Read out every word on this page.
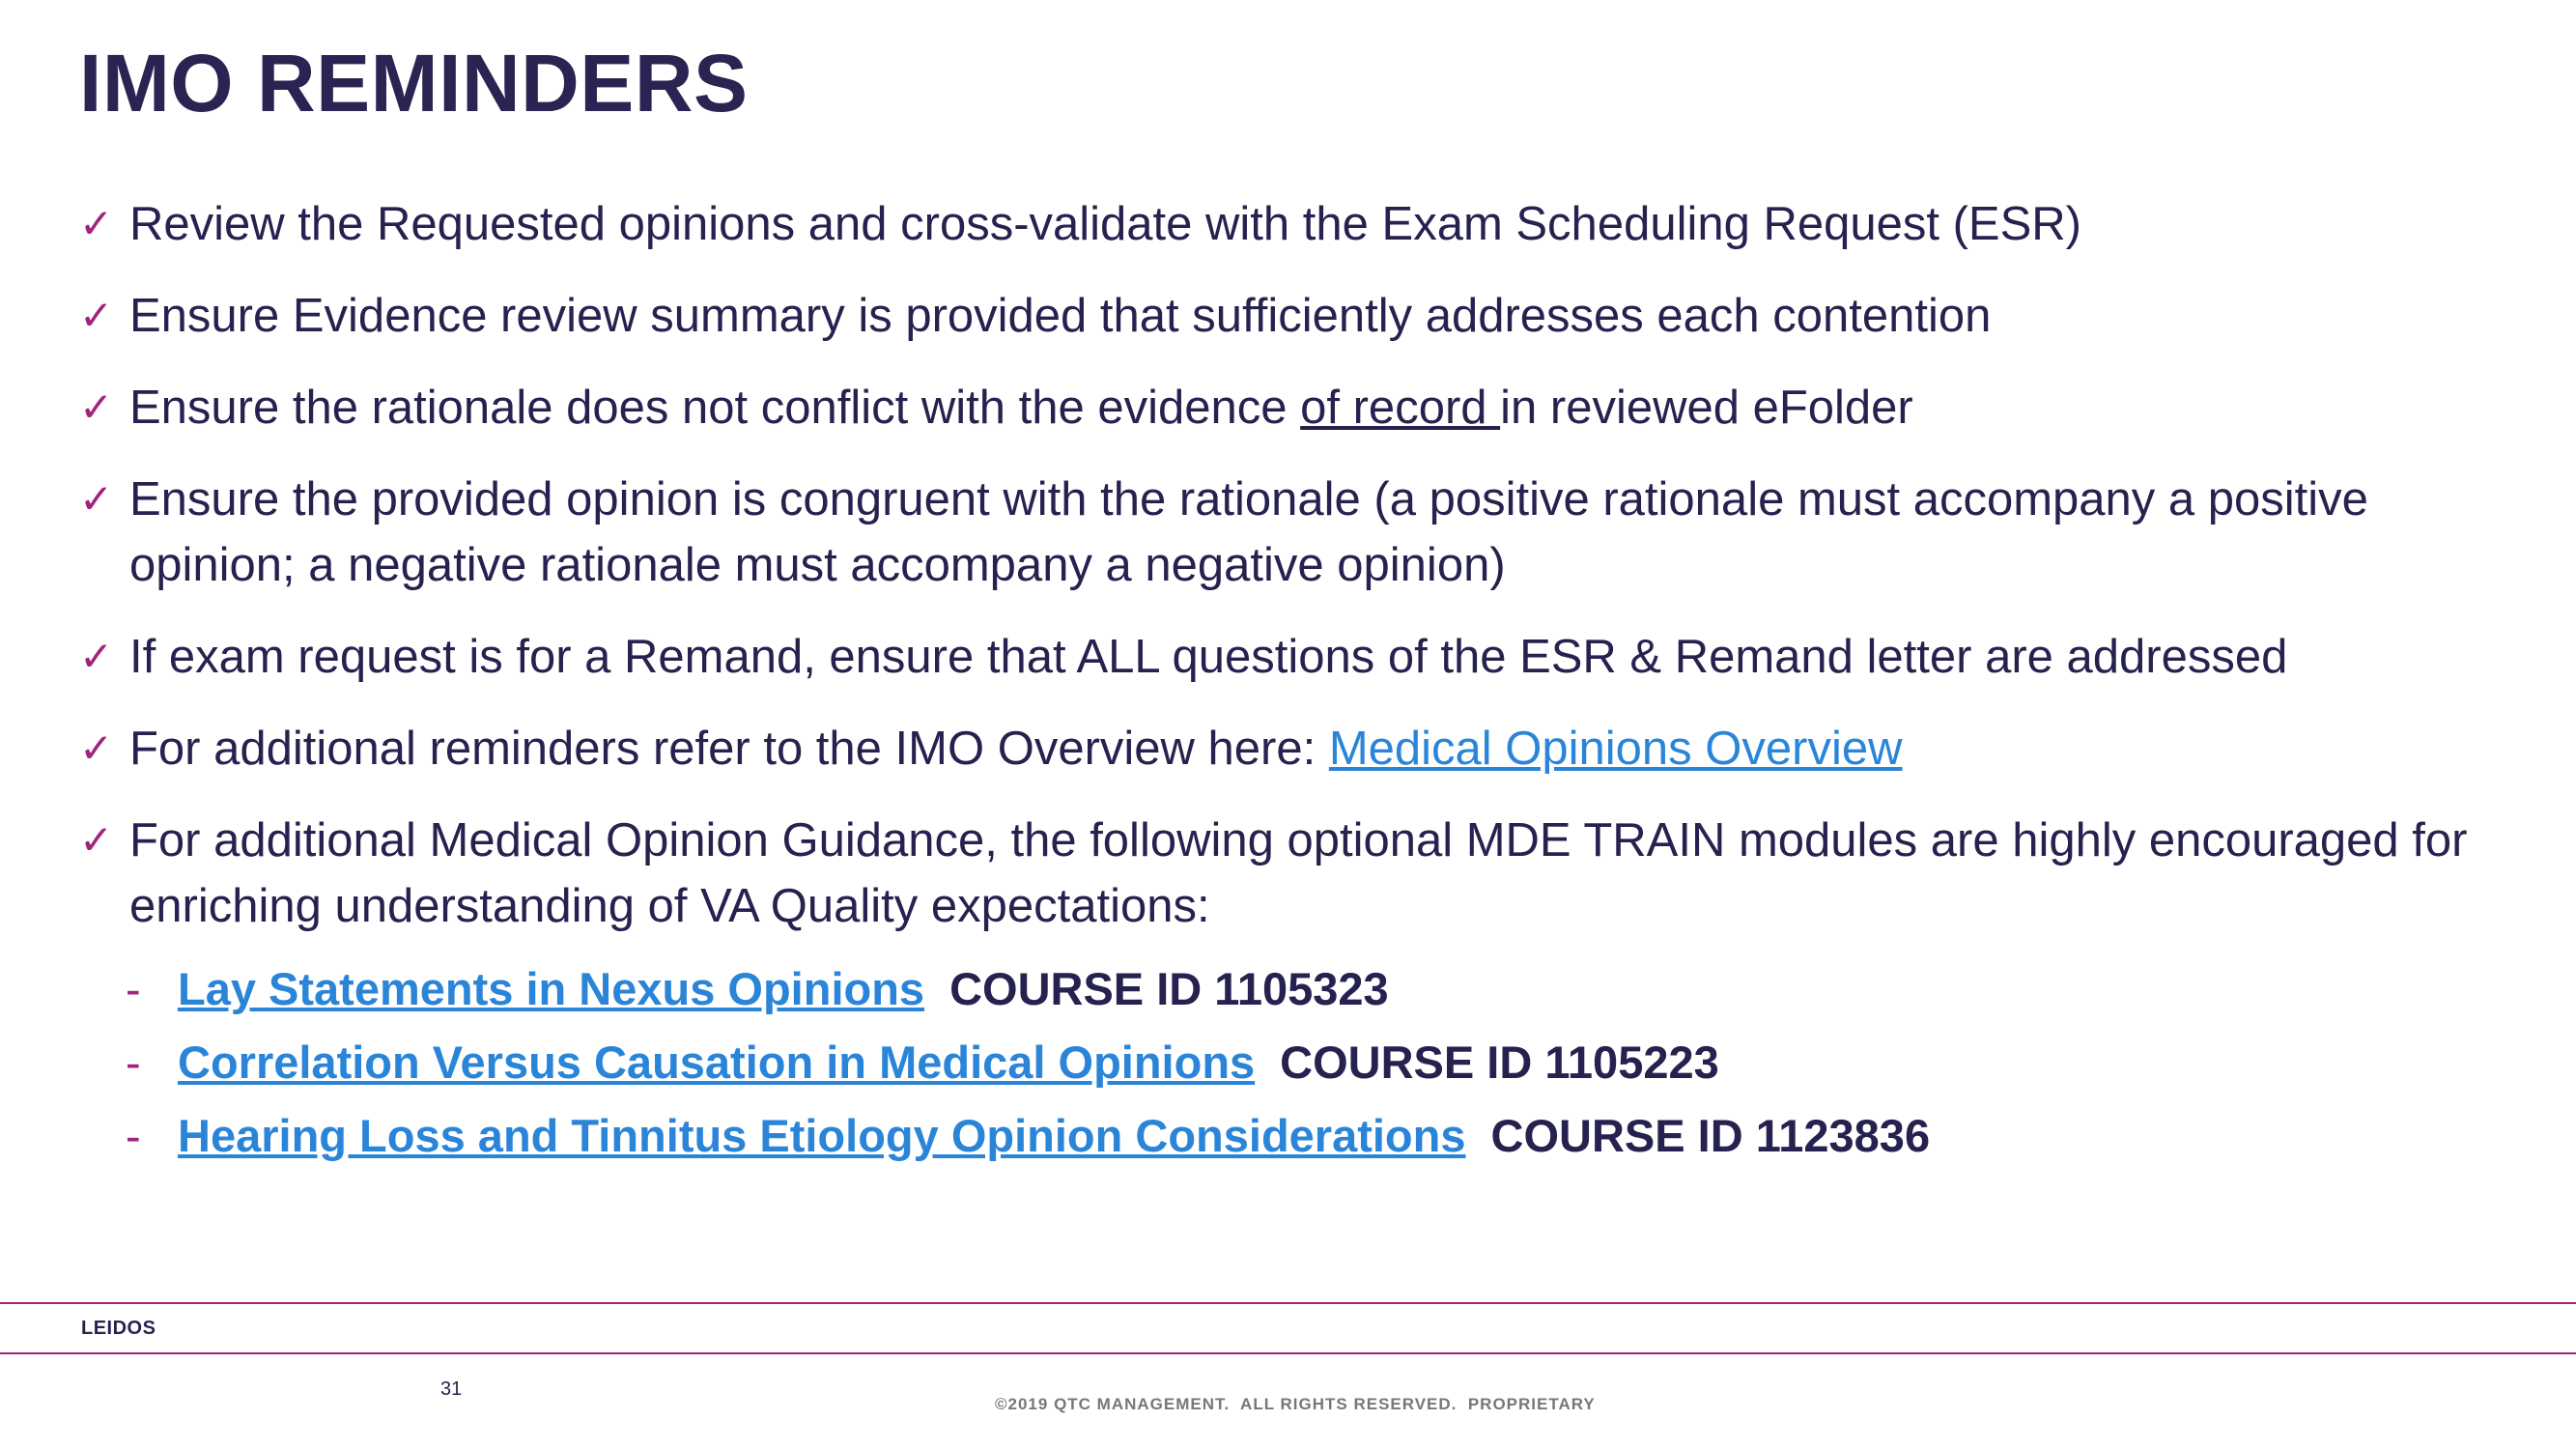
IMO REMINDERS
✓ Review the Requested opinions and cross-validate with the Exam Scheduling Request (ESR)
✓ Ensure Evidence review summary is provided that sufficiently addresses each contention
✓ Ensure the rationale does not conflict with the evidence of record in reviewed eFolder
✓ Ensure the provided opinion is congruent with the rationale (a positive rationale must accompany a positive opinion; a negative rationale must accompany a negative opinion)
✓ If exam request is for a Remand, ensure that ALL questions of the ESR & Remand letter are addressed
✓ For additional reminders refer to the IMO Overview here: Medical Opinions Overview
✓ For additional Medical Opinion Guidance, the following optional MDE TRAIN modules are highly encouraged for enriching understanding of VA Quality expectations:
- Lay Statements in Nexus Opinions COURSE ID 1105323
- Correlation Versus Causation in Medical Opinions COURSE ID 1105223
- Hearing Loss and Tinnitus Etiology Opinion Considerations COURSE ID 1123836
LEIDOS
31
©2019 QTC MANAGEMENT.  ALL RIGHTS RESERVED.  PROPRIETARY
